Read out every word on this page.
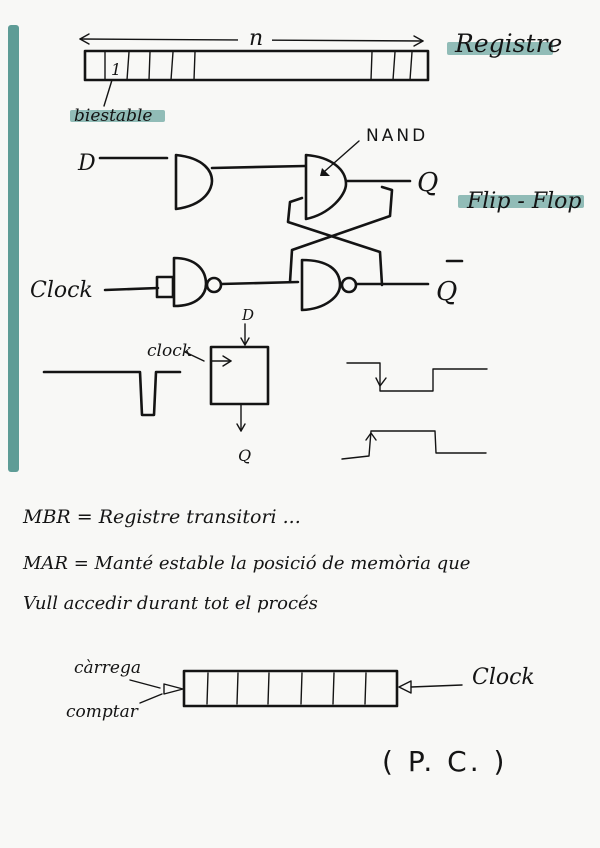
n
1
Registre
biestable
D
NAND
Q
Clock	Q
Flip - Flop
clock
D
Q
MBR = Registre transitori ...
MAR = Manté estable la posició de memòria que
Vull accedir durant tot el procés
càrrega
comptar
Clock
( P. C. )
